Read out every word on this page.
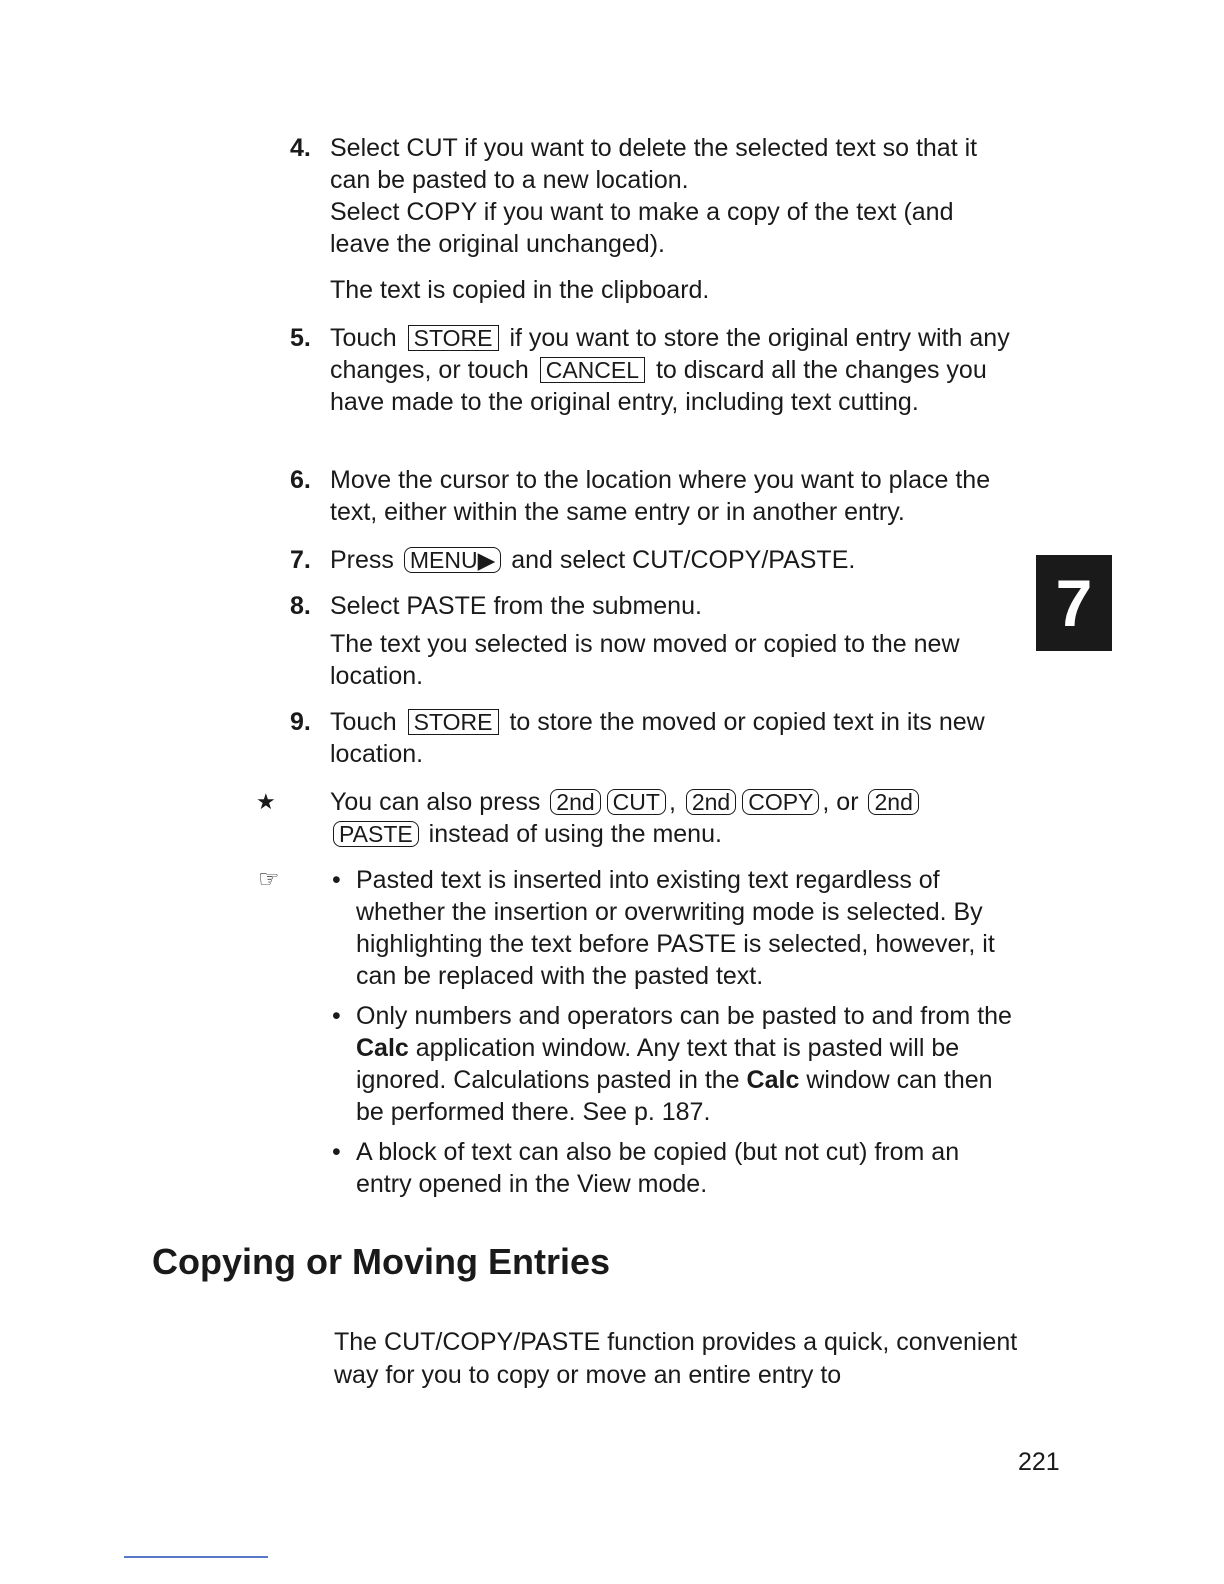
4. Select CUT if you want to delete the selected text so that it can be pasted to a new location.

Select COPY if you want to make a copy of the text (and leave the original unchanged).

The text is copied in the clipboard.

5. Touch STORE if you want to store the original entry with any changes, or touch CANCEL to discard all the changes you have made to the original entry, including text cutting.

6. Move the cursor to the location where you want to place the text, either within the same entry or in another entry.

7. Press MENU▶ and select CUT/COPY/PASTE.

8. Select PASTE from the submenu.

The text you selected is now moved or copied to the new location.

9. Touch STORE to store the moved or copied text in its new location.

★ You can also press 2nd CUT , 2nd COPY , or 2nd PASTE instead of using the menu.
☞ • Pasted text is inserted into existing text regardless of whether the insertion or overwriting mode is selected. By highlighting the text before PASTE is selected, however, it can be replaced with the pasted text.
• Only numbers and operators can be pasted to and from the Calc application window. Any text that is pasted will be ignored. Calculations pasted in the Calc window can then be performed there. See p. 187.
• A block of text can also be copied (but not cut) from an entry opened in the View mode.
7
Copying or Moving Entries

The CUT/COPY/PASTE function provides a quick, convenient way for you to copy or move an entire entry to

221
